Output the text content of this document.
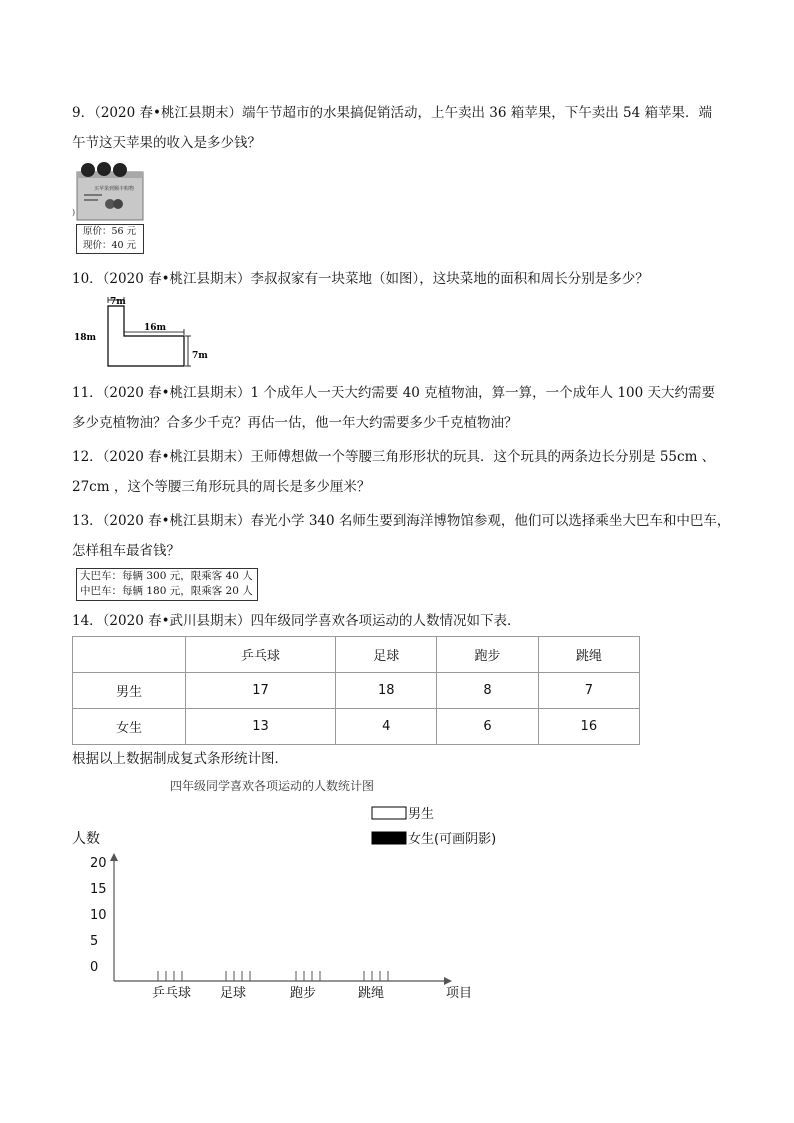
9．（2020 春•桃江县期末）端午节超市的水果搞促销活动，上午卖出 36 箱苹果，下午卖出 54 箱苹果．端
午节这天苹果的收入是多少钱？
买苹果到顺丰购物
)
原价：56 元
现价：40 元
10．（2020 春•桃江县期末）李叔叔家有一块菜地（如图），这块菜地的面积和周长分别是多少？
7m
18m
16m
7m
11．（2020 春•桃江县期末）1 个成年人一天大约需要 40 克植物油，算一算，一个成年人 100 天大约需要
多少克植物油？合多少千克？再估一估，他一年大约需要多少千克植物油？
12．（2020 春•桃江县期末）王师傅想做一个等腰三角形形状的玩具．这个玩具的两条边长分别是 55cm 、
27cm ，这个等腰三角形玩具的周长是多少厘米？
13．（2020 春•桃江县期末）春光小学 340 名师生要到海洋博物馆参观，他们可以选择乘坐大巴车和中巴车，
怎样租车最省钱？
大巴车：每辆 300 元，限乘客 40 人
中巴车：每辆 180 元，限乘客 20 人
14．（2020 春•武川县期末）四年级同学喜欢各项运动的人数情况如下表．
	乒乓球	足球	跑步	跳绳
男生	17	18	8	7
女生	13	4	6	16
根据以上数据制成复式条形统计图．
四年级同学喜欢各项运动的人数统计图
男生
女生(可画阴影)
人数
20
15
10
5
0
乒乓球 足球	跑步	跳绳	项目
